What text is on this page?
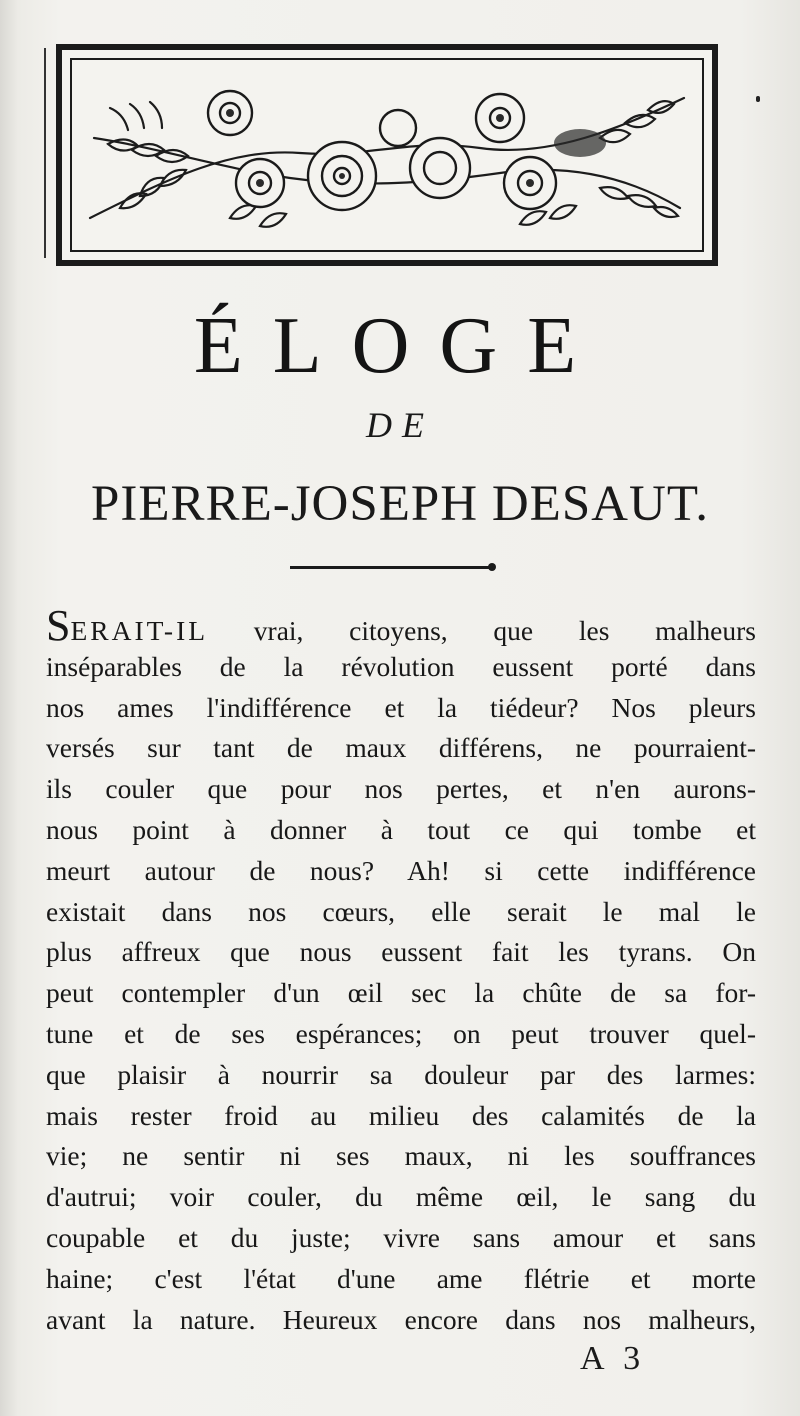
ÉLOGE
DE
PIERRE-JOSEPH DESAUT.
SERAIT-IL vrai, citoyens, que les malheurs
inséparables de la révolution eussent porté dans
nos ames l'indifférence et la tiédeur? Nos pleurs
versés sur tant de maux différens, ne pourraient-
ils couler que pour nos pertes, et n'en aurons-
nous point à donner à tout ce qui tombe et
meurt autour de nous? Ah! si cette indifférence
existait dans nos cœurs, elle serait le mal le
plus affreux que nous eussent fait les tyrans. On
peut contempler d'un œil sec la chûte de sa for-
tune et de ses espérances; on peut trouver quel-
que plaisir à nourrir sa douleur par des larmes:
mais rester froid au milieu des calamités de la
vie; ne sentir ni ses maux, ni les souffrances
d'autrui; voir couler, du même œil, le sang du
coupable et du juste; vivre sans amour et sans
haine; c'est l'état d'une ame flétrie et morte
avant la nature. Heureux encore dans nos malheurs,
A 3
